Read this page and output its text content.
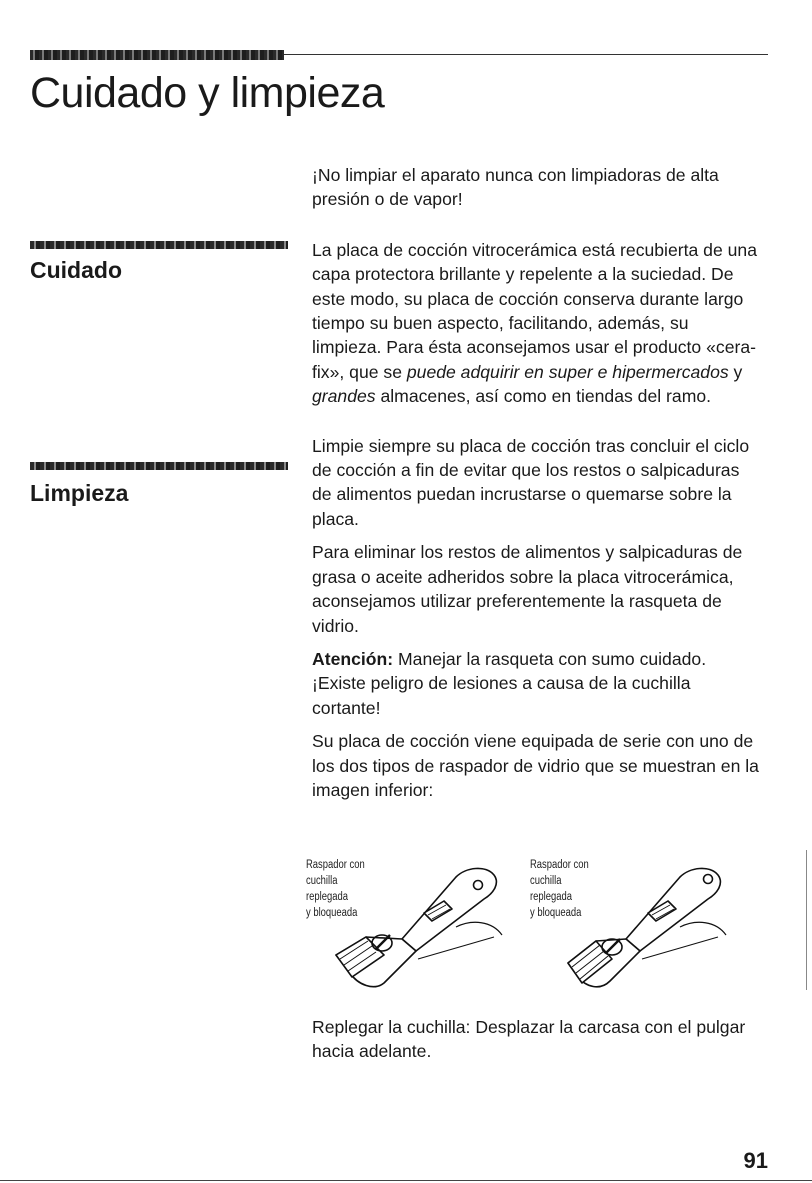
Cuidado y limpieza
Cuidado
Limpieza

¡No limpiar el aparato nunca con limpiadoras de alta presión o de vapor!

La placa de cocción vitrocerámica está recubierta de una capa protectora brillante y repelente a la suciedad. De este modo, su placa de cocción conserva durante largo tiempo su buen aspecto, facilitando, además, su limpieza. Para ésta aconsejamos usar el producto «cera-fix», que se puede adquirir en super e hipermercados y grandes almacenes, así como en tiendas del ramo.

Limpie siempre su placa de cocción tras concluir el ciclo de cocción a fin de evitar que los restos o salpicaduras de alimentos puedan incrustarse o quemarse sobre la placa.

Para eliminar los restos de alimentos y salpicaduras de grasa o aceite adheridos sobre la placa vitrocerámica, aconsejamos utilizar preferentemente la rasqueta de vidrio.

Atención: Manejar la rasqueta con sumo cuidado. ¡Existe peligro de lesiones a causa de la cuchilla cortante!

Su placa de cocción viene equipada de serie con uno de los dos tipos de raspador de vidrio que se muestran en la imagen inferior:

Raspador con cuchilla
replegada
y bloqueada
Raspador con cuchilla
replegada
y bloqueada

Replegar la cuchilla: Desplazar la carcasa con el pulgar hacia adelante.

91
